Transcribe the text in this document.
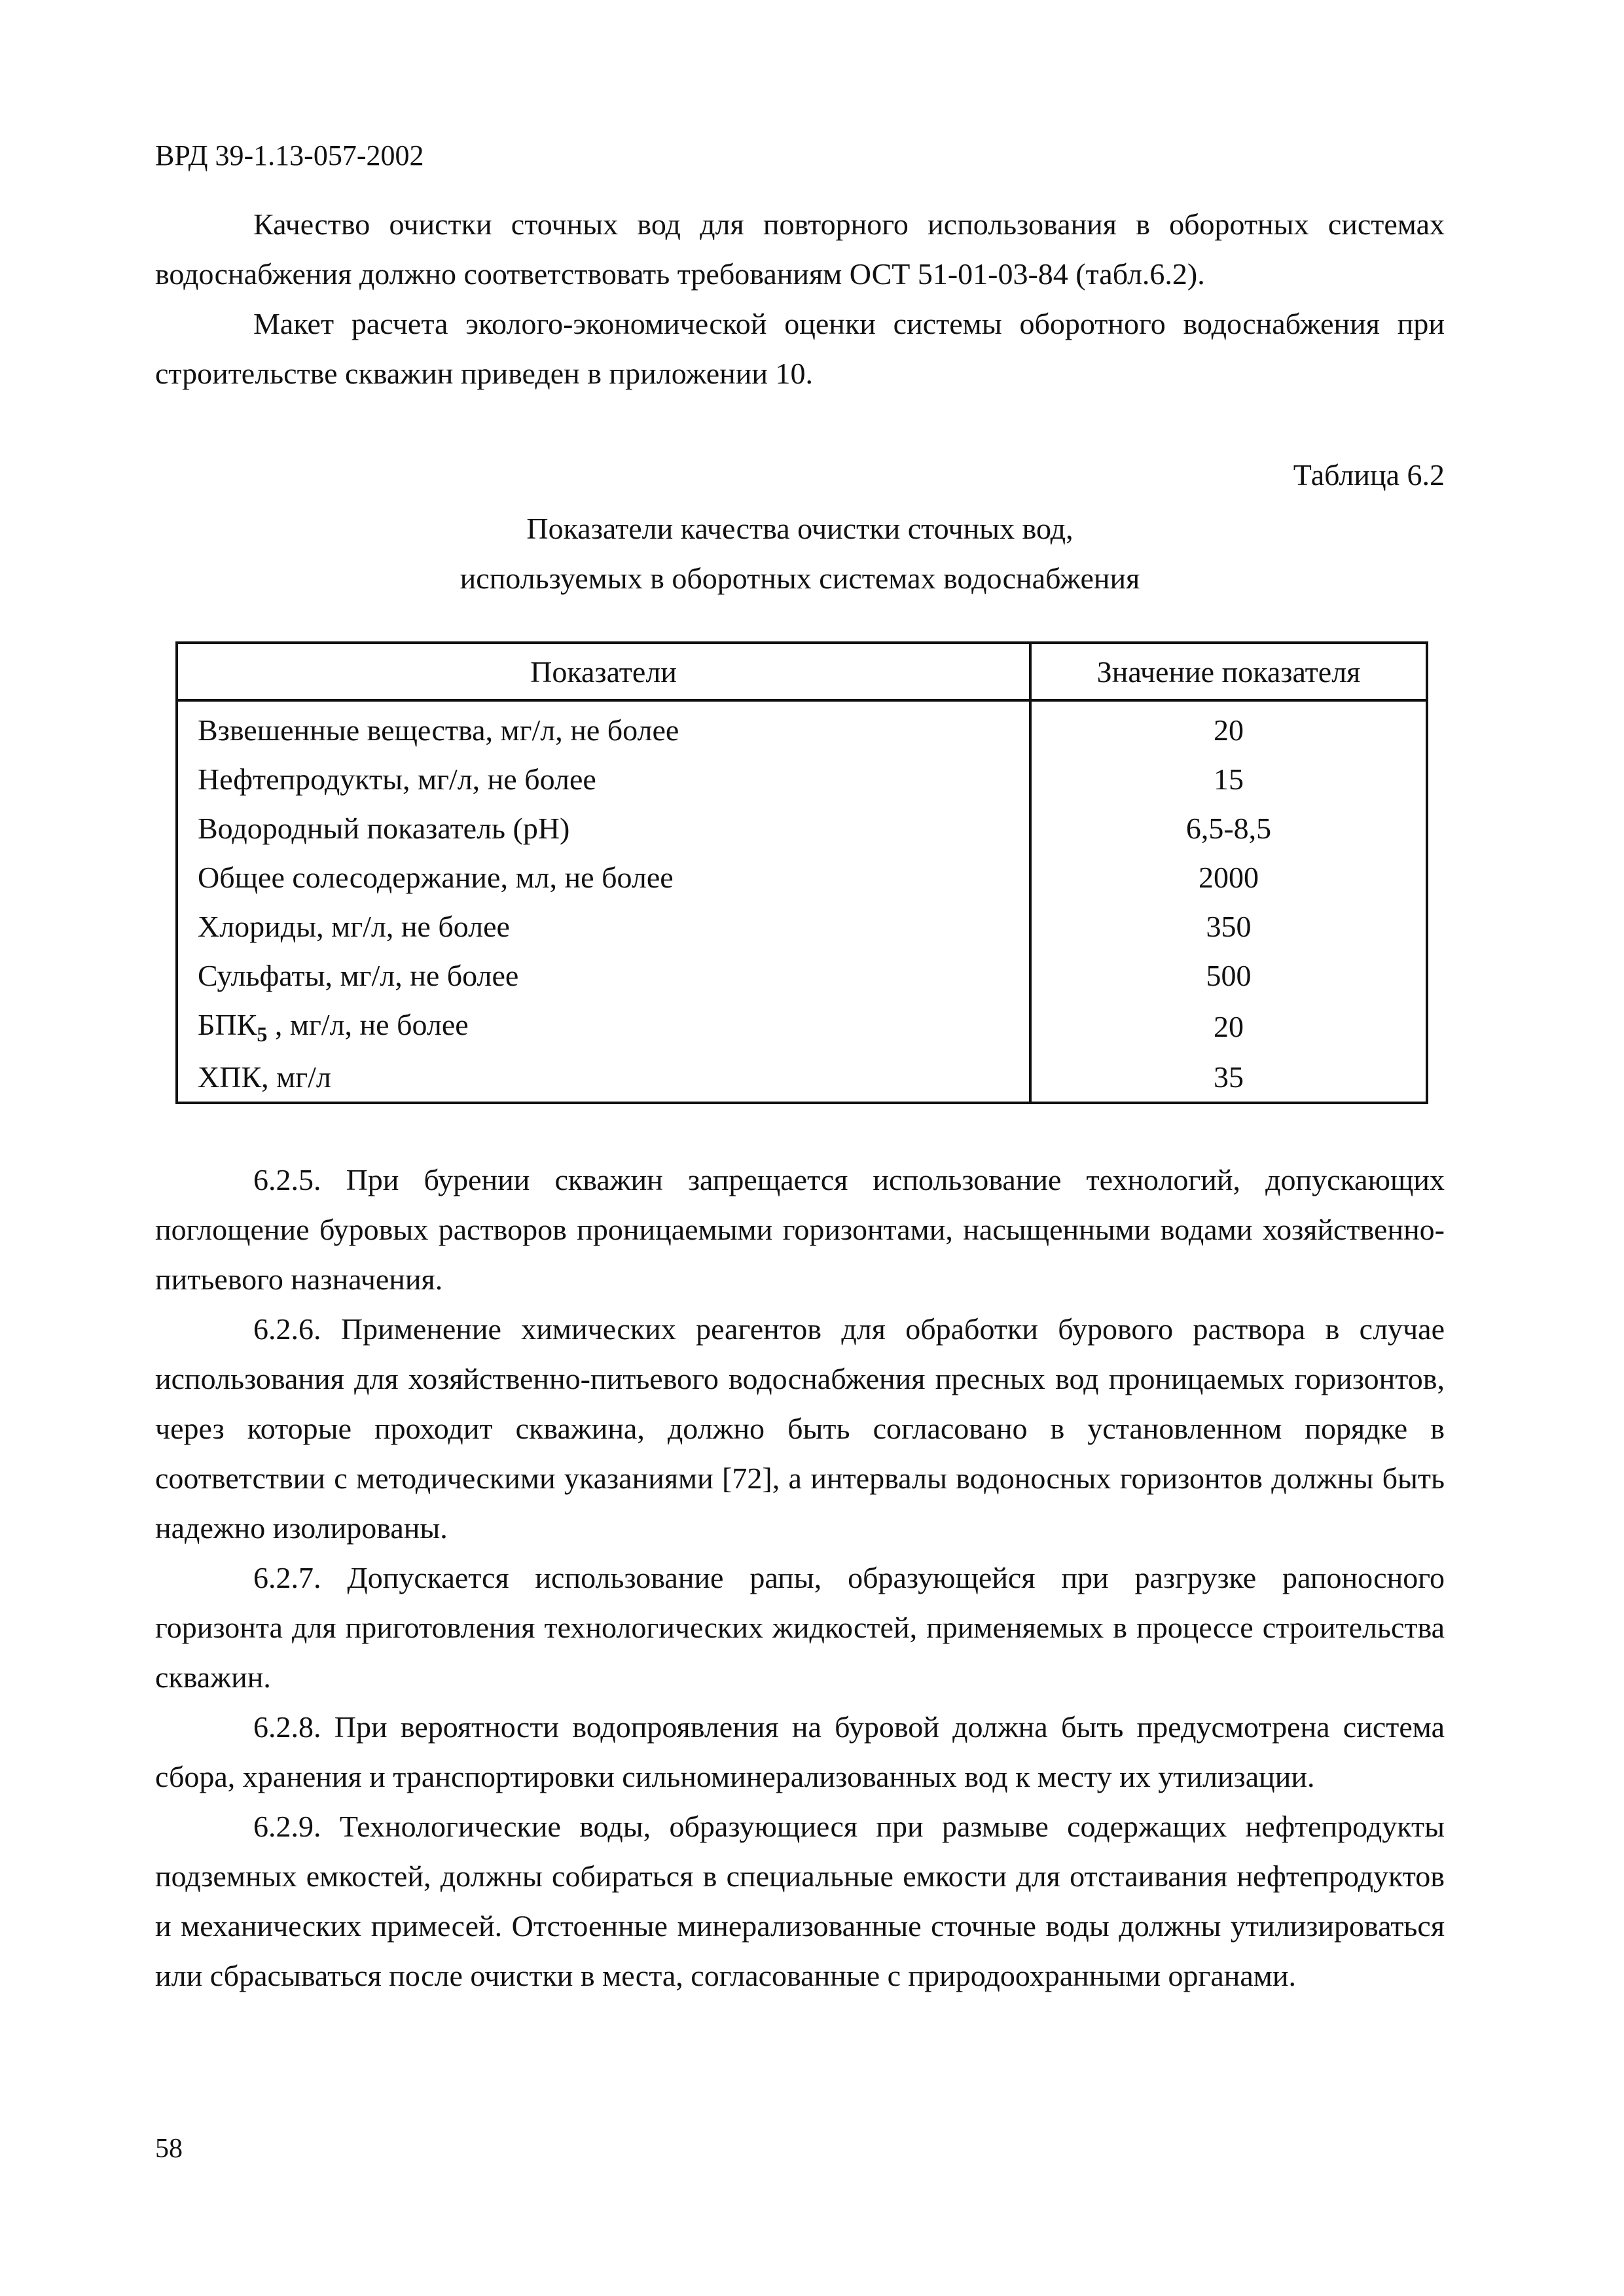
ВРД 39-1.13-057-2002

Качество очистки сточных вод для повторного использования в оборотных системах водоснабжения должно соответствовать требованиям ОСТ 51-01-03-84 (табл.6.2).

Макет расчета эколого-экономической оценки системы оборотного водоснабжения при строительстве скважин приведен в приложении 10.

Таблица 6.2
Показатели качества очистки сточных вод,
используемых в оборотных системах водоснабжения
Показатели	Значение показателя
Взвешенные вещества, мг/л, не более	20
Нефтепродукты, мг/л, не более	15
Водородный показатель (рН)	6,5-8,5
Общее солесодержание, мл, не более	2000
Хлориды, мг/л, не более	350
Сульфаты, мг/л, не более	500
$БПК_5$ , мг/л, не более	20
ХПК, мг/л	35

6.2.5. При бурении скважин запрещается использование технологий, допускающих поглощение буровых растворов проницаемыми горизонтами, насыщенными водами хозяйственно-питьевого назначения.

6.2.6. Применение химических реагентов для обработки бурового раствора в случае использования для хозяйственно-питьевого водоснабжения пресных вод проницаемых горизонтов, через которые проходит скважина, должно быть согласовано в установленном порядке в соответствии с методическими указаниями [72], а интервалы водоносных горизонтов должны быть надежно изолированы.

6.2.7. Допускается использование рапы, образующейся при разгрузке рапоносного горизонта для приготовления технологических жидкостей, применяемых в процессе строительства скважин.

6.2.8. При вероятности водопроявления на буровой должна быть предусмотрена система сбора, хранения и транспортировки сильноминерализованных вод к месту их утилизации.

6.2.9. Технологические воды, образующиеся при размыве содержащих нефтепродукты подземных емкостей, должны собираться в специальные емкости для отстаивания нефтепродуктов и механических примесей. Отстоенные минерализованные сточные воды должны утилизироваться или сбрасываться после очистки в места, согласованные с природоохранными органами.

58
